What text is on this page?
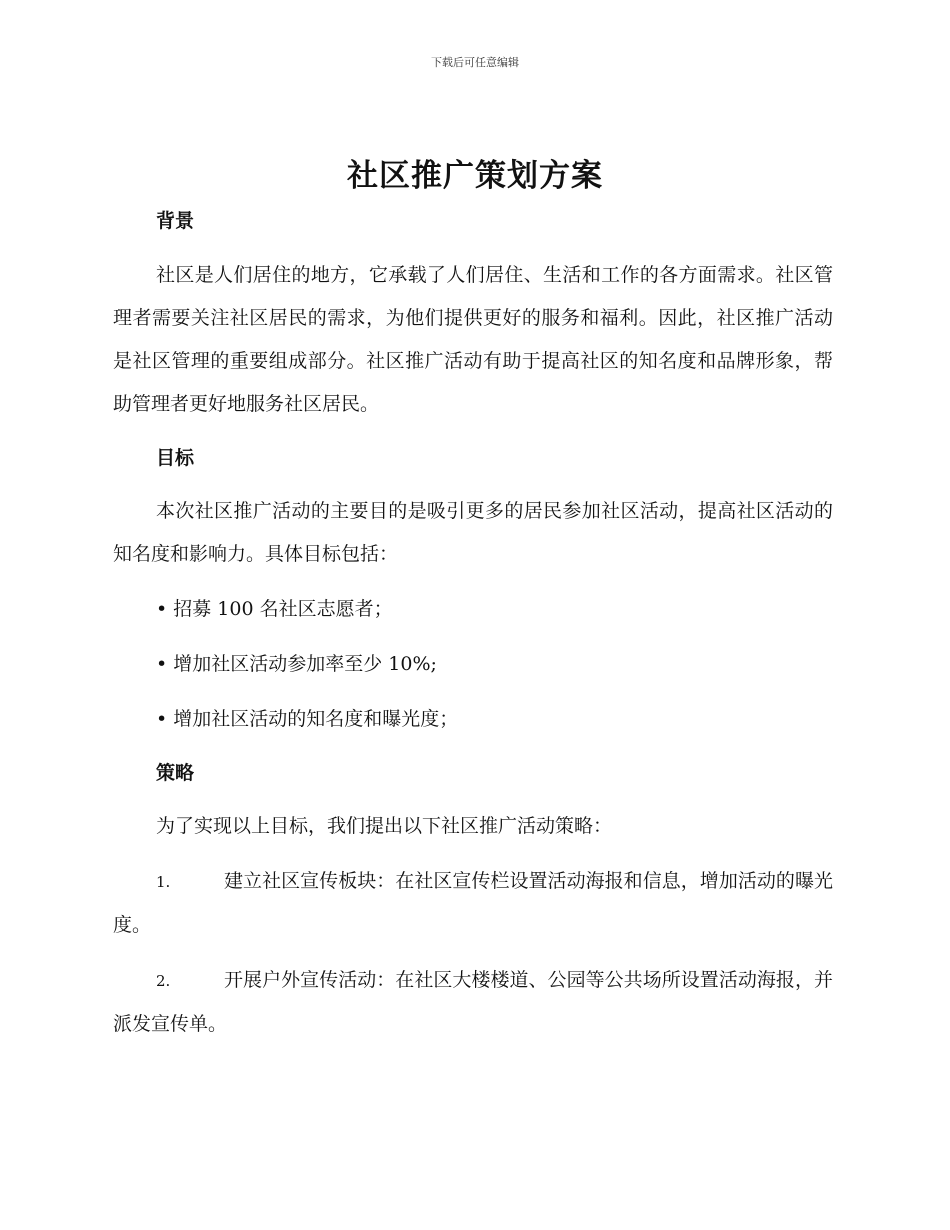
下载后可任意编辑
社区推广策划方案
背景

社区是人们居住的地方，它承载了人们居住、生活和工作的各方面需求。社区管理者需要关注社区居民的需求，为他们提供更好的服务和福利。因此，社区推广活动是社区管理的重要组成部分。社区推广活动有助于提高社区的知名度和品牌形象，帮助管理者更好地服务社区居民。

目标

本次社区推广活动的主要目的是吸引更多的居民参加社区活动，提高社区活动的知名度和影响力。具体目标包括：

• 招募 100 名社区志愿者；

• 增加社区活动参加率至少 10%;

• 增加社区活动的知名度和曝光度；

策略

为了实现以上目标，我们提出以下社区推广活动策略：

1.	建立社区宣传板块：在社区宣传栏设置活动海报和信息，增加活动的曝光度。

2.	开展户外宣传活动：在社区大楼楼道、公园等公共场所设置活动海报，并派发宣传单。
